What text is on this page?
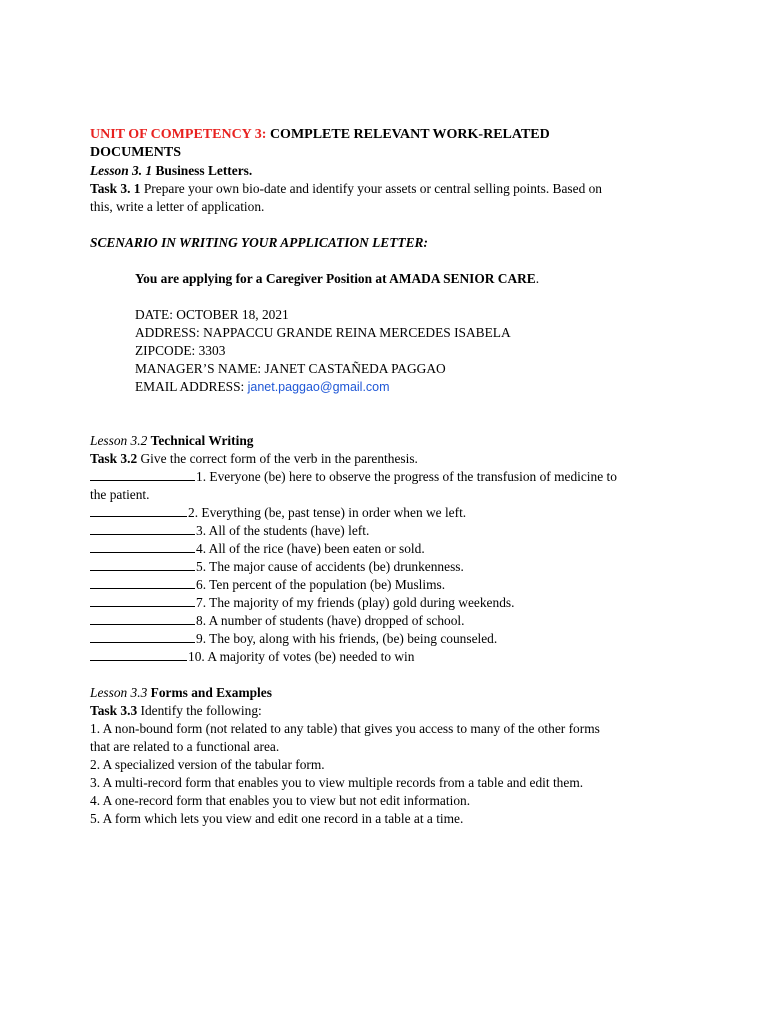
UNIT OF COMPETENCY 3: COMPLETE RELEVANT WORK-RELATED

DOCUMENTS

Lesson 3. 1 Business Letters.

Task 3. 1 Prepare your own bio-date and identify your assets or central selling points. Based on

this, write a letter of application.

SCENARIO IN WRITING YOUR APPLICATION LETTER:

You are applying for a Caregiver Position at AMADA SENIOR CARE.

DATE: OCTOBER 18, 2021

ADDRESS: NAPPACCU GRANDE REINA MERCEDES ISABELA

ZIPCODE: 3303

MANAGER’S NAME: JANET CASTAÑEDA PAGGAO

EMAIL ADDRESS: janet.paggao@gmail.com

Lesson 3.2 Technical Writing

Task 3.2 Give the correct form of the verb in the parenthesis.

1. Everyone (be) here to observe the progress of the transfusion of medicine to

the patient.

2. Everything (be, past tense) in order when we left.

3. All of the students (have) left.

4. All of the rice (have) been eaten or sold.

5. The major cause of accidents (be) drunkenness.

6. Ten percent of the population (be) Muslims.

7. The majority of my friends (play) gold during weekends.

8. A number of students (have) dropped of school.

9. The boy, along with his friends, (be) being counseled.

10. A majority of votes (be) needed to win

Lesson 3.3 Forms and Examples

Task 3.3 Identify the following:

1. A non-bound form (not related to any table) that gives you access to many of the other forms

that are related to a functional area.

2. A specialized version of the tabular form.

3. A multi-record form that enables you to view multiple records from a table and edit them.

4. A one-record form that enables you to view but not edit information.

5. A form which lets you view and edit one record in a table at a time.
